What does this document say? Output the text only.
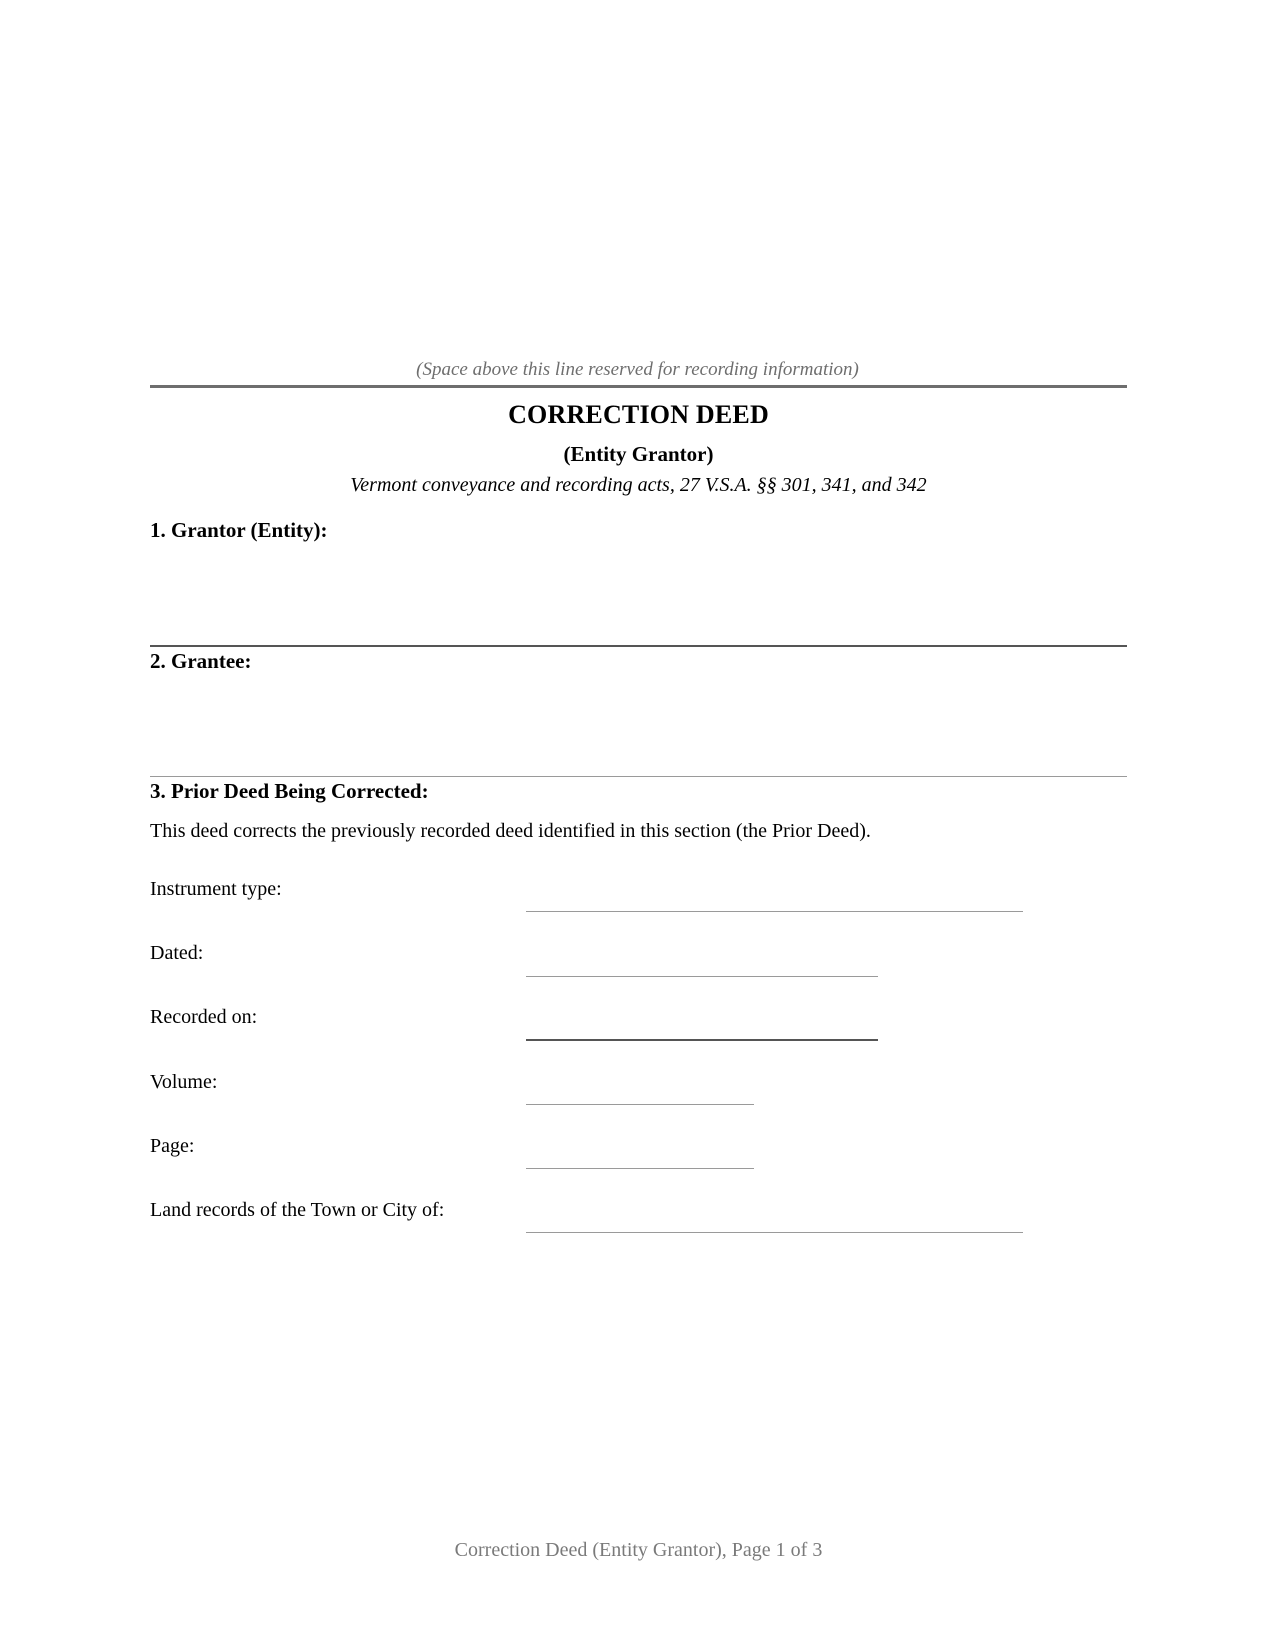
(Space above this line reserved for recording information)
CORRECTION DEED
(Entity Grantor)
Vermont conveyance and recording acts, 27 V.S.A. §§ 301, 341, and 342
1. Grantor (Entity):
2. Grantee:
3. Prior Deed Being Corrected:
This deed corrects the previously recorded deed identified in this section (the Prior Deed).
Instrument type:
Dated:
Recorded on:
Volume:
Page:
Land records of the Town or City of:
Correction Deed (Entity Grantor), Page 1 of 3
